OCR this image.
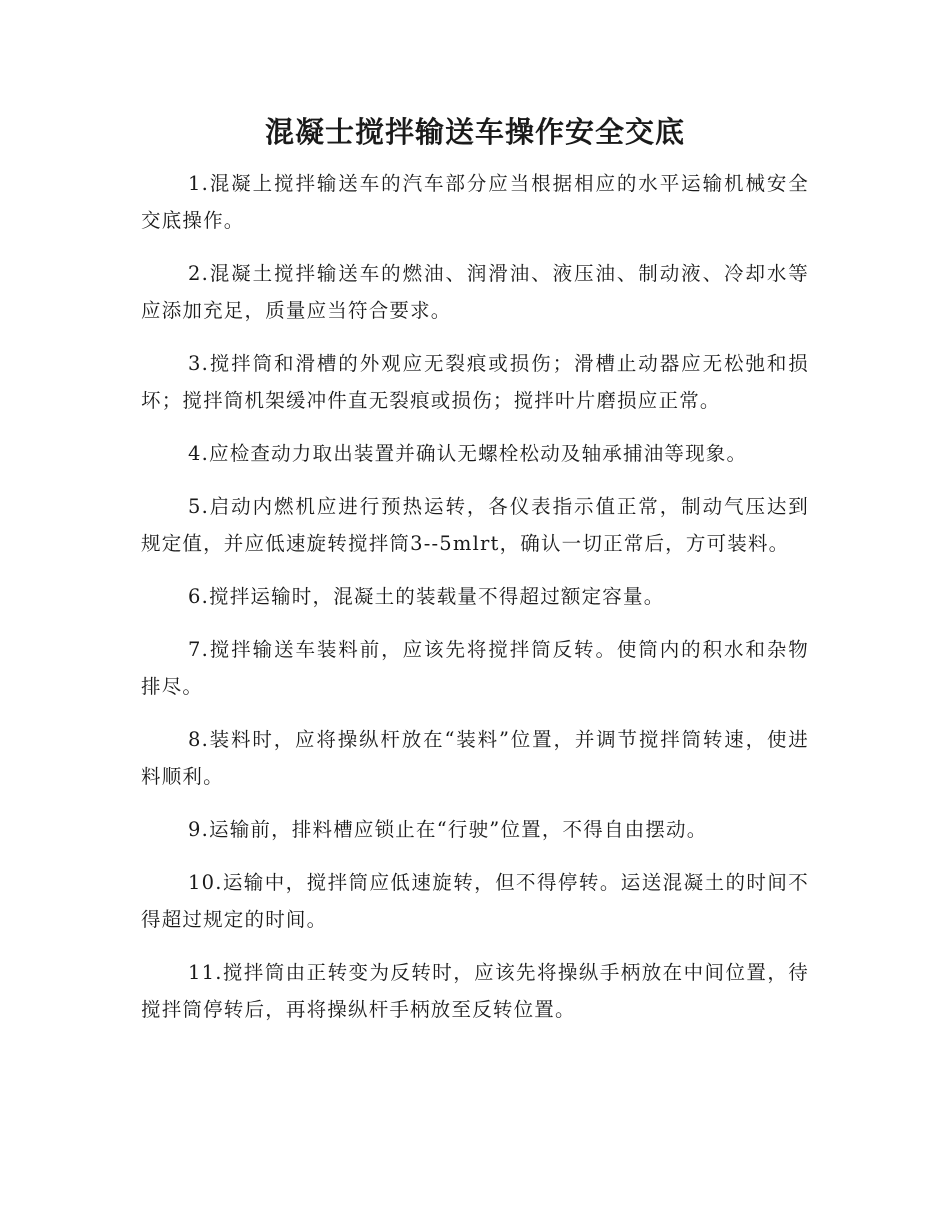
混凝士搅拌输送车操作安全交底

1.混凝上搅拌输送车的汽车部分应当根据相应的水平运输机械安全交底操作。

2.混凝土搅拌输送车的燃油、润滑油、液压油、制动液、冷却水等应添加充足，质量应当符合要求。

3.搅拌筒和滑槽的外观应无裂痕或损伤；滑槽止动器应无松弛和损坏；搅拌筒机架缓冲件直无裂痕或损伤；搅拌叶片磨损应正常。

4.应检查动力取出装置并确认无螺栓松动及轴承捕油等现象。

5.启动内燃机应进行预热运转，各仪表指示值正常，制动气压达到规定值，并应低速旋转搅拌筒3--5mlrt，确认一切正常后，方可装料。

6.搅拌运输时，混凝土的装载量不得超过额定容量。

7.搅拌输送车装料前，应该先将搅拌筒反转。使筒内的积水和杂物排尽。

8.装料时，应将操纵杆放在“装料”位置，并调节搅拌筒转速，使进料顺利。

9.运输前，排料槽应锁止在“行驶”位置，不得自由摆动。

10.运输中，搅拌筒应低速旋转，但不得停转。运送混凝土的时间不得超过规定的时间。

11.搅拌筒由正转变为反转时，应该先将操纵手柄放在中间位置，待搅拌筒停转后，再将操纵杆手柄放至反转位置。
